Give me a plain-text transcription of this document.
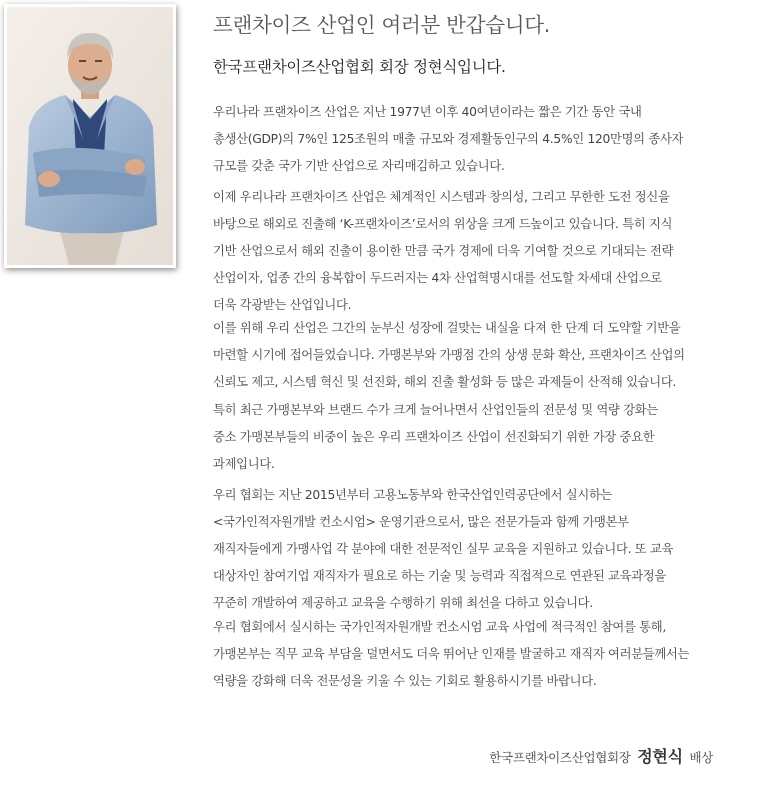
프랜차이즈 산업인 여러분 반갑습니다.
한국프랜차이즈산업협회 회장 정현식입니다.

우리나라 프랜차이즈 산업은 지난 1977년 이후 40여년이라는 짧은 기간 동안 국내
총생산(GDP)의 7%인 125조원의 매출 규모와 경제활동인구의 4.5%인 120만명의 종사자
규모를 갖춘 국가 기반 산업으로 자리매김하고 있습니다.

이제 우리나라 프랜차이즈 산업은 체계적인 시스템과 창의성, 그리고 무한한 도전 정신을
바탕으로 해외로 진출해 ‘K-프랜차이즈’로서의 위상을 크게 드높이고 있습니다. 특히 지식
기반 산업으로서 해외 진출이 용이한 만큼 국가 경제에 더욱 기여할 것으로 기대되는 전략
산업이자, 업종 간의 융복합이 두드러지는 4차 산업혁명시대를 선도할 차세대 산업으로
더욱 각광받는 산업입니다.

이를 위해 우리 산업은 그간의 눈부신 성장에 걸맞는 내실을 다져 한 단계 더 도약할 기반을
마련할 시기에 접어들었습니다. 가맹본부와 가맹점 간의 상생 문화 확산, 프랜차이즈 산업의
신뢰도 제고, 시스템 혁신 및 선진화, 해외 진출 활성화 등 많은 과제들이 산적해 있습니다.

특히 최근 가맹본부와 브랜드 수가 크게 늘어나면서 산업인들의 전문성 및 역량 강화는
중소 가맹본부들의 비중이 높은 우리 프랜차이즈 산업이 선진화되기 위한 가장 중요한
과제입니다.

우리 협회는 지난 2015년부터 고용노동부와 한국산업인력공단에서 실시하는
<국가인적자원개발 컨소시엄> 운영기관으로서, 많은 전문가들과 함께 가맹본부
재직자들에게 가맹사업 각 분야에 대한 전문적인 실무 교육을 지원하고 있습니다. 또 교육
대상자인 참여기업 재직자가 필요로 하는 기술 및 능력과 직접적으로 연관된 교육과정을
꾸준히 개발하여 제공하고 교육을 수행하기 위해 최선을 다하고 있습니다.

우리 협회에서 실시하는 국가인적자원개발 컨소시엄 교육 사업에 적극적인 참여를 통해,
가맹본부는 직무 교육 부담을 덜면서도 더욱 뛰어난 인재를 발굴하고 재직자 여러분들께서는
역량을 강화해 더욱 전문성을 키울 수 있는 기회로 활용하시기를 바랍니다.

한국프랜차이즈산업협회장 정현식 배상
